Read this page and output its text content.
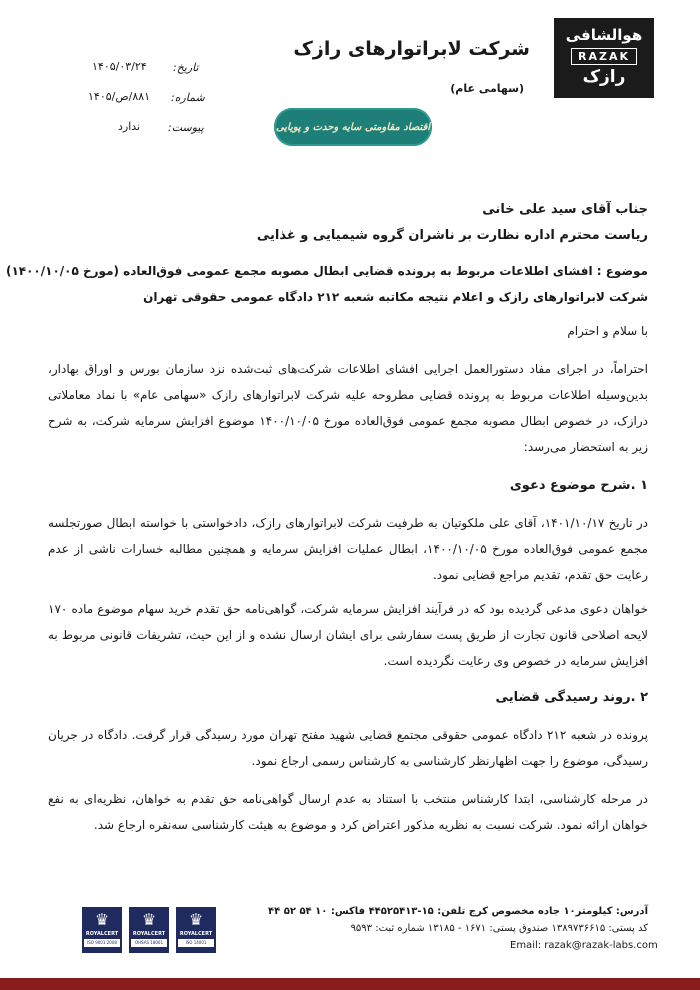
هوالشافی
RAZAK
رازک
شرکت لابراتوارهای رازک
(سهامی عام)
اقتصاد مقاومتی سایه وحدت و پویایی
تاریخ:
۱۴۰۵/۰۳/۲۴
شماره:
۸۸۱/ص/۱۴۰۵
پیوست:
ندارد
جناب آقای سید علی خانی
ریاست محترم اداره نظارت بر ناشران گروه شیمیایی و غذایی
موضوع : افشای اطلاعات مربوط به پرونده قضایی ابطال مصوبه مجمع عمومی فوق‌العاده (مورخ ۱۴۰۰/۱۰/۰۵)
شرکت لابراتوارهای رازک و اعلام نتیجه مکاتبه شعبه ۲۱۲ دادگاه عمومی حقوقی تهران
با سلام و احترام
احتراماً، در اجرای مفاد دستورالعمل اجرایی افشای اطلاعات شرکت‌های ثبت‌شده نزد سازمان بورس و اوراق بهادار، بدین‌وسیله اطلاعات مربوط به پرونده قضایی مطروحه علیه شرکت لابراتوارهای رازک «سهامی عام» با نماد معاملاتی درازک، در خصوص ابطال مصوبه مجمع عمومی فوق‌العاده مورخ ۱۴۰۰/۱۰/۰۵ موضوع افزایش سرمایه شرکت، به شرح زیر به استحضار می‌رسد:
۱ .شرح موضوع دعوی
در تاریخ ۱۴۰۱/۱۰/۱۷، آقای علی ملکوتیان به طرفیت شرکت لابراتوارهای رازک، دادخواستی با خواسته ابطال صورتجلسه مجمع عمومی فوق‌العاده مورخ ۱۴۰۰/۱۰/۰۵، ابطال عملیات افزایش سرمایه و همچنین مطالبه خسارات ناشی از عدم رعایت حق تقدم، تقدیم مراجع قضایی نمود.
خواهان دعوی مدعی گردیده بود که در فرآیند افزایش سرمایه شرکت، گواهی‌نامه حق تقدم خرید سهام موضوع ماده ۱۷۰ لایحه اصلاحی قانون تجارت از طریق پست سفارشی برای ایشان ارسال نشده و از این حیث، تشریفات قانونی مربوط به افزایش سرمایه در خصوص وی رعایت نگردیده است.
۲ .روند رسیدگی قضایی
پرونده در شعبه ۲۱۲ دادگاه عمومی حقوقی مجتمع قضایی شهید مفتح تهران مورد رسیدگی قرار گرفت. دادگاه در جریان رسیدگی، موضوع را جهت اظهارنظر کارشناسی به کارشناس رسمی ارجاع نمود.
در مرحله کارشناسی، ابتدا کارشناس منتخب با استناد به عدم ارسال گواهی‌نامه حق تقدم به خواهان، نظریه‌ای به نفع خواهان ارائه نمود. شرکت نسبت به نظریه مذکور اعتراض کرد و موضوع به هیئت کارشناسی سه‌نفره ارجاع شد.
♛
ROYALCERT
ISO 9001:2008
♛
ROYALCERT
OHSAS 18001
♛
ROYALCERT
ISO 14001
آدرس: کیلومتر۱۰ جاده مخصوص کرج تلفن: ۱۵-۴۴۵۲۵۴۱۳ فاکس: ۱۰ ۵۴ ۵۲ ۴۴
کد پستی: ۱۳۸۹۷۳۶۶۱۵ صندوق پستی: ۱۶۷۱ - ۱۳۱۸۵ شماره ثبت: ۹۵۹۳
Email: razak@razak-labs.com
